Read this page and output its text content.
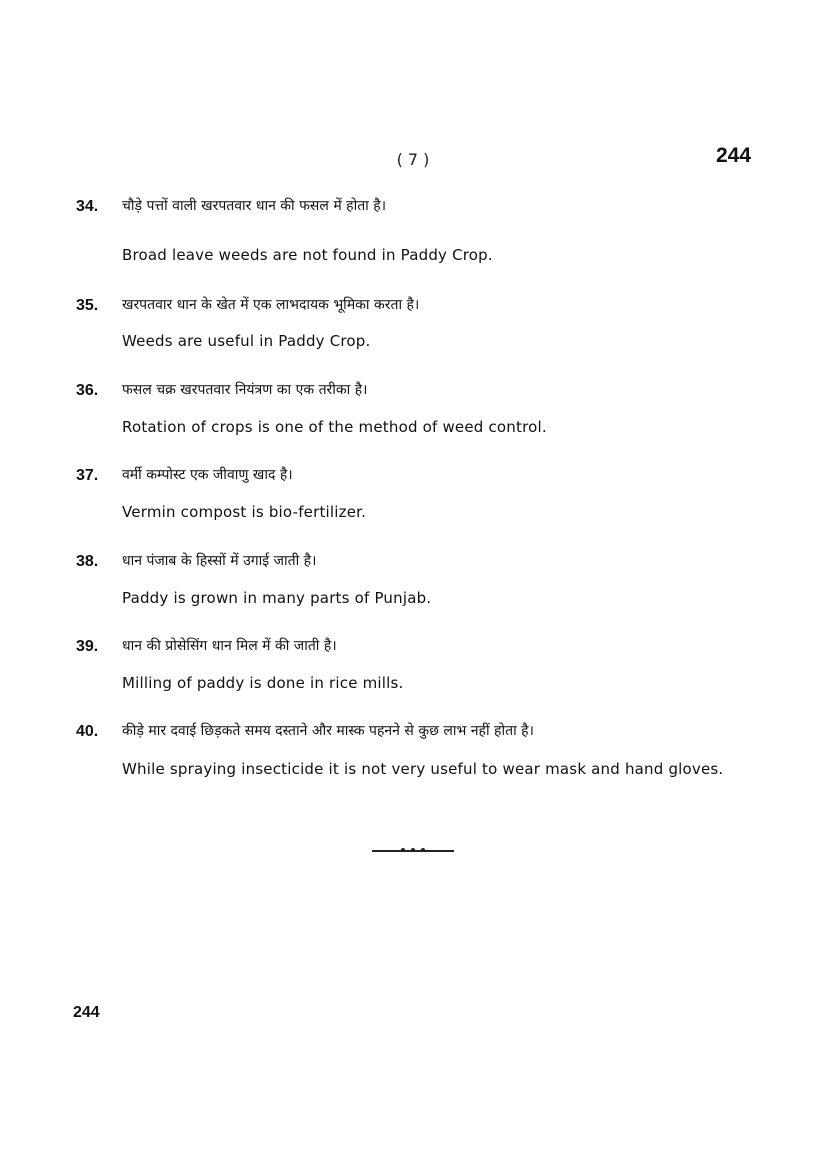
( 7 )	244
34. चौड़े पत्तों वाली खरपतवार धान की फसल में होता है।
Broad leave weeds are not found in Paddy Crop.
35. खरपतवार धान के खेत में एक लाभदायक भूमिका करता है।
Weeds are useful in Paddy Crop.
36. फसल चक्र खरपतवार नियंत्रण का एक तरीका है।
Rotation of crops is one of the method of weed control.
37. वर्मी कम्पोस्ट एक जीवाणु खाद है।
Vermin compost is bio-fertilizer.
38. धान पंजाब के हिस्सों में उगाई जाती है।
Paddy is grown in many parts of Punjab.
39. धान की प्रोसेसिंग धान मिल में की जाती है।
Milling of paddy is done in rice mills.
40. कीड़े मार दवाई छिड़कते समय दस्ताने और मास्क पहनने से कुछ लाभ नहीं होता है।
While spraying insecticide it is not very useful to wear mask and hand gloves.
244
